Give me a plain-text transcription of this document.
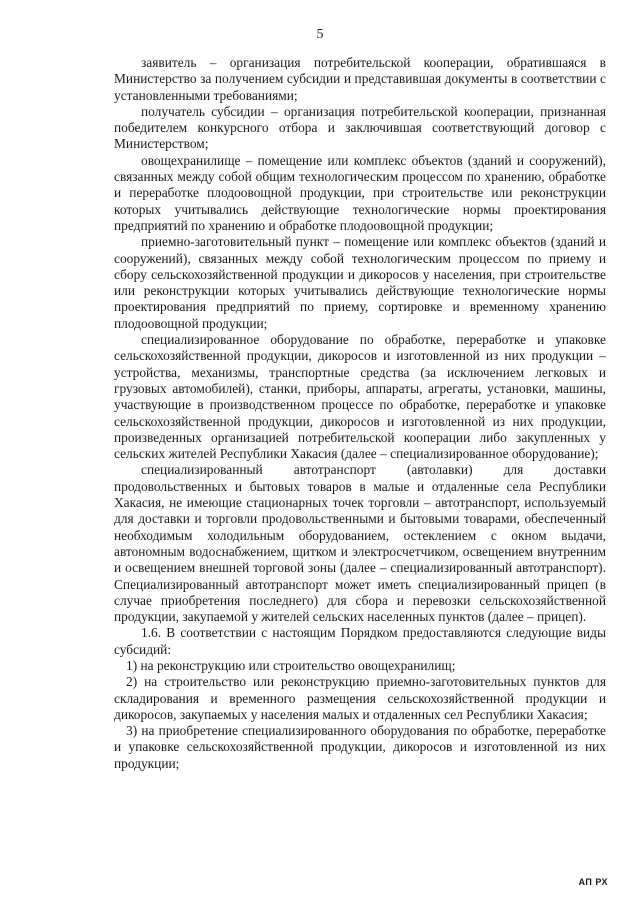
5

заявитель – организация потребительской кооперации, обратившаяся в Министерство за получением субсидии и представившая документы в соответствии с установленными требованиями;

получатель субсидии – организация потребительской кооперации, признанная победителем конкурсного отбора и заключившая соответствующий договор с Министерством;

овощехранилище – помещение или комплекс объектов (зданий и сооружений), связанных между собой общим технологическим процессом по хранению, обработке и переработке плодоовощной продукции, при строительстве или реконструкции которых учитывались действующие технологические нормы проектирования предприятий по хранению и обработке плодоовощной продукции;

приемно-заготовительный пункт – помещение или комплекс объектов (зданий и сооружений), связанных между собой технологическим процессом по приему и сбору сельскохозяйственной продукции и дикоросов у населения, при строительстве или реконструкции которых учитывались действующие технологические нормы проектирования предприятий по приему, сортировке и временному хранению плодоовощной продукции;

специализированное оборудование по обработке, переработке и упаковке сельскохозяйственной продукции, дикоросов и изготовленной из них продукции – устройства, механизмы, транспортные средства (за исключением легковых и грузовых автомобилей), станки, приборы, аппараты, агрегаты, установки, машины, участвующие в производственном процессе по обработке, переработке и упаковке сельскохозяйственной продукции, дикоросов и изготовленной из них продукции, произведенных организацией потребительской кооперации либо закупленных у сельских жителей Республики Хакасия (далее – специализированное оборудование);

специализированный автотранспорт (автолавки) для доставки продовольственных и бытовых товаров в малые и отдаленные села Республики Хакасия, не имеющие стационарных точек торговли – автотранспорт, используемый для доставки и торговли продовольственными и бытовыми товарами, обеспеченный необходимым холодильным оборудованием, остеклением с окном выдачи, автономным водоснабжением, щитком и электросчетчиком, освещением внутренним и освещением внешней торговой зоны (далее – специализированный автотранспорт). Специализированный автотранспорт может иметь специализированный прицеп (в случае приобретения последнего) для сбора и перевозки сельскохозяйственной продукции, закупаемой у жителей сельских населенных пунктов (далее – прицеп).

1.6. В соответствии с настоящим Порядком предоставляются следующие виды субсидий:

1) на реконструкцию или строительство овощехранилищ;

2) на строительство или реконструкцию приемно-заготовительных пунктов для складирования и временного размещения сельскохозяйственной продукции и дикоросов, закупаемых у населения малых и отдаленных сел Республики Хакасия;

3) на приобретение специализированного оборудования по обработке, переработке и упаковке сельскохозяйственной продукции, дикоросов и изготовленной из них продукции;

АП РХ
